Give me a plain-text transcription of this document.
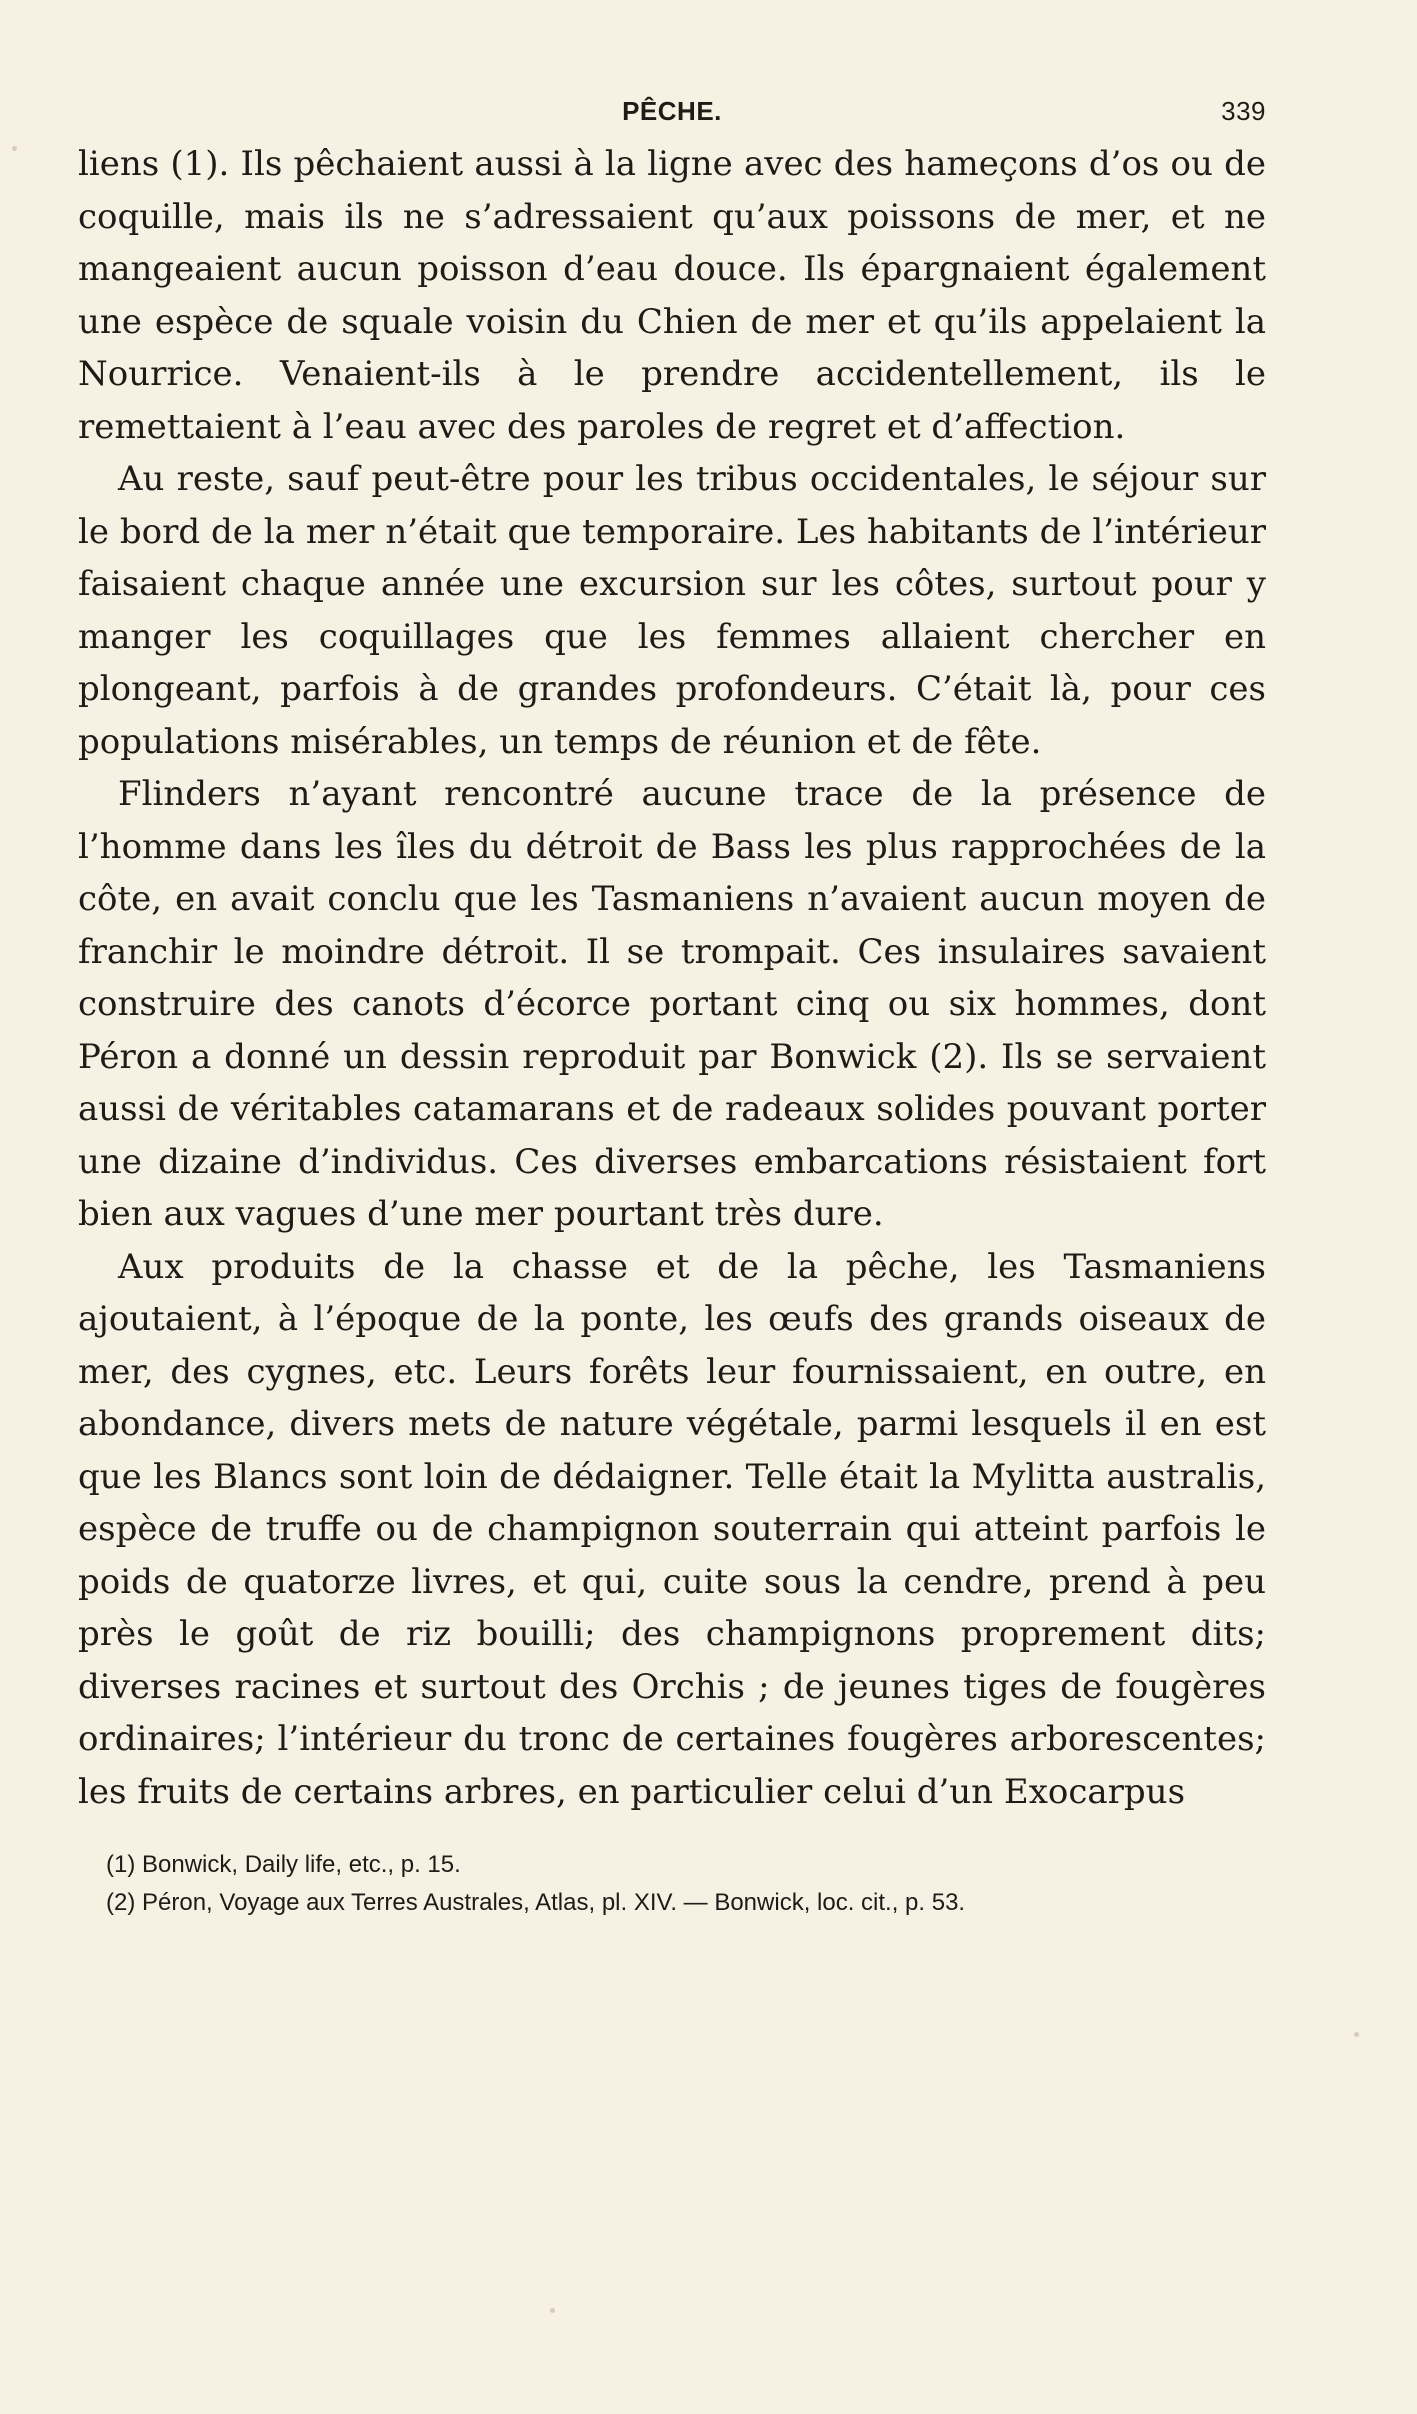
PÊCHE.	339

liens (1). Ils pêchaient aussi à la ligne avec des hameçons d’os ou de coquille, mais ils ne s’adressaient qu’aux poissons de mer, et ne mangeaient aucun poisson d’eau douce. Ils épargnaient également une espèce de squale voisin du Chien de mer et qu’ils appelaient la Nourrice. Venaient-ils à le prendre accidentellement, ils le remettaient à l’eau avec des paroles de regret et d’affection.

Au reste, sauf peut-être pour les tribus occidentales, le séjour sur le bord de la mer n’était que temporaire. Les habitants de l’intérieur faisaient chaque année une excursion sur les côtes, surtout pour y manger les coquillages que les femmes allaient chercher en plongeant, parfois à de grandes profondeurs. C’était là, pour ces populations misérables, un temps de réunion et de fête.

Flinders n’ayant rencontré aucune trace de la présence de l’homme dans les îles du détroit de Bass les plus rapprochées de la côte, en avait conclu que les Tasmaniens n’avaient aucun moyen de franchir le moindre détroit. Il se trompait. Ces insulaires savaient construire des canots d’écorce portant cinq ou six hommes, dont Péron a donné un dessin reproduit par Bonwick (2). Ils se servaient aussi de véritables catamarans et de radeaux solides pouvant porter une dizaine d’individus. Ces diverses embarcations résistaient fort bien aux vagues d’une mer pourtant très dure.

Aux produits de la chasse et de la pêche, les Tasmaniens ajoutaient, à l’époque de la ponte, les œufs des grands oiseaux de mer, des cygnes, etc. Leurs forêts leur fournissaient, en outre, en abondance, divers mets de nature végétale, parmi lesquels il en est que les Blancs sont loin de dédaigner. Telle était la Mylitta australis, espèce de truffe ou de champignon souterrain qui atteint parfois le poids de quatorze livres, et qui, cuite sous la cendre, prend à peu près le goût de riz bouilli; des champignons proprement dits; diverses racines et surtout des Orchis ; de jeunes tiges de fougères ordinaires; l’intérieur du tronc de certaines fougères arborescentes; les fruits de certains arbres, en particulier celui d’un Exocarpus

(1) Bonwick, Daily life, etc., p. 15.

(2) Péron, Voyage aux Terres Australes, Atlas, pl. XIV. — Bonwick, loc. cit., p. 53.
